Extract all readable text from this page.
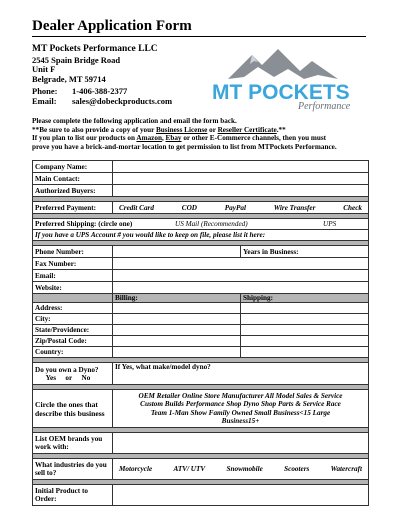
Dealer Application Form
MT Pockets Performance LLC
2545 Spain Bridge Road
Unit F
Belgrade, MT 59714
Phone:	1-406-388-2377
Email:	sales@dobeckproducts.com MT POCKETS
Performance
Please complete the following application and email the form back.
**Be sure to also provide a copy of your Business License or Reseller Certificate.**
If you plan to list our products on Amazon, Ebay or other E-Commerce channels, then you must
prove you have a brick-and-mortar location to get permission to list from MTPockets Performance.
Company Name:		
Main Contact:		
Authorized Buyers:		

Preferred Payment:	Credit Card COD PayPal Wire Transfer Check	

Preferred Shipping: (circle one) US Mail (Recommended) UPS		

If you have a UPS Account # you would like to keep on file, please list it here:		

Phone Number:		Years in Business:
Fax Number:		
Email:		
Website:		
	Billing:	Shipping:
Address:		
City:		
State/Providence:		
Zip/Postal Code:		
Country:		

Do you own a Dyno?
Yes or No	If Yes, what make/model dyno?	

Circle the ones that describe this business	OEM Retailer Online Store Manufacturer All Model Sales & Service
Custom Builds Performance Shop Dyno Shop Parts & Service Race
Team 1-Man Show Family Owned Small Business<15 Large
Business15+	

List OEM brands you work with:		

What industries do you sell to?	Motorcycle ATV/ UTV Snowmobile Scooters Watercraft	

Initial Product to Order:		
